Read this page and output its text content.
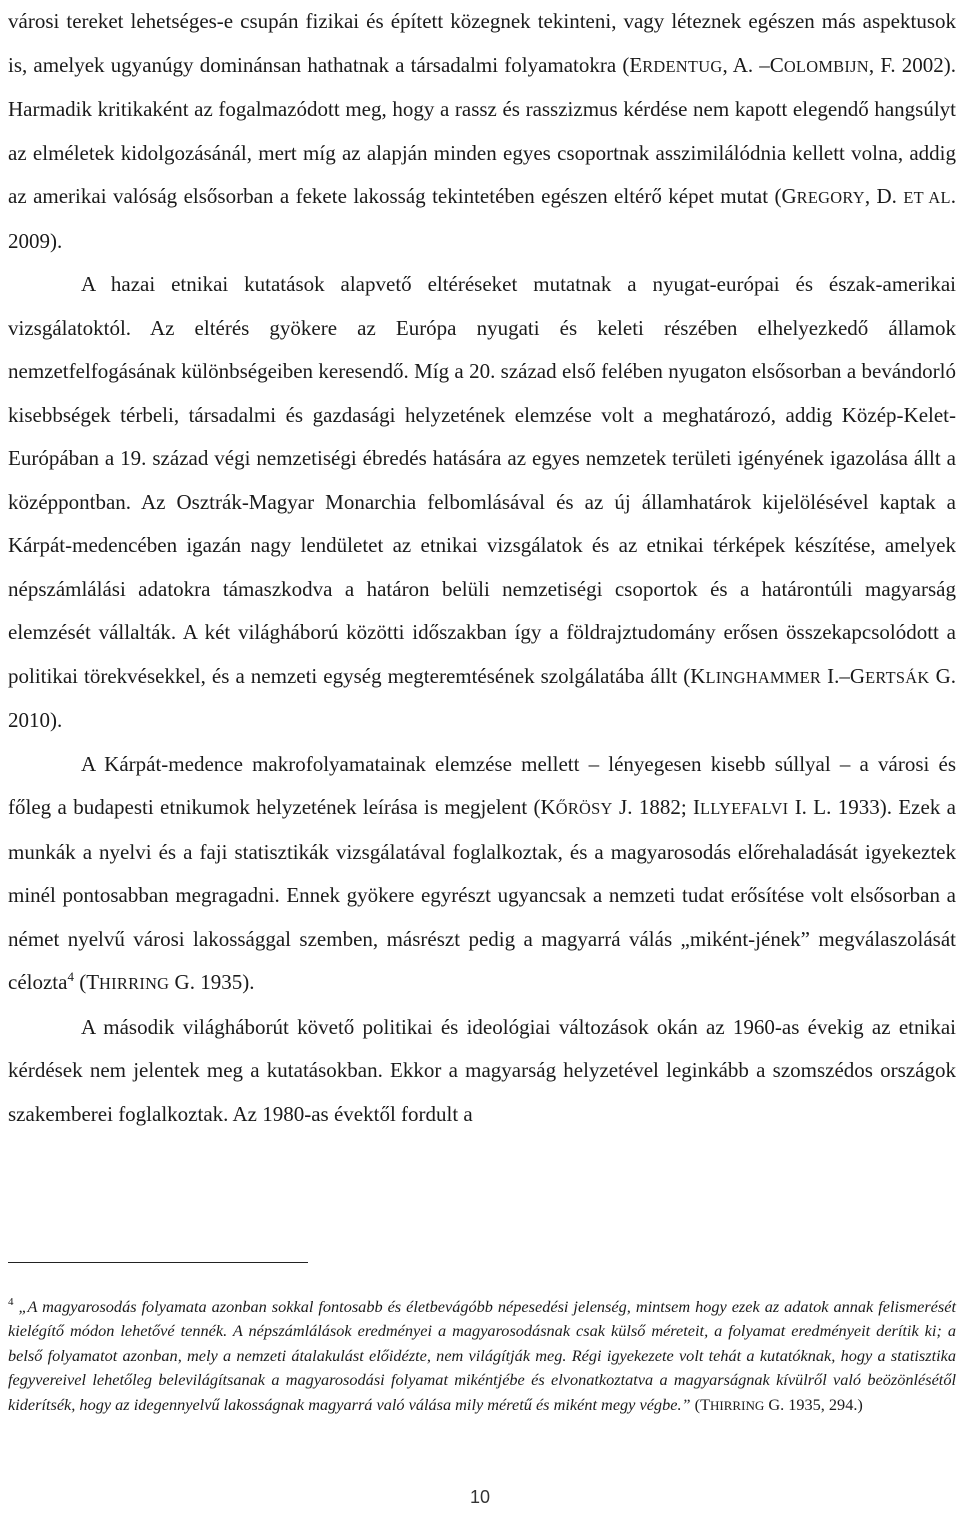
városi tereket lehetséges-e csupán fizikai és épített közegnek tekinteni, vagy léteznek egészen más aspektusok is, amelyek ugyanúgy dominánsan hathatnak a társadalmi folyamatokra (ERDENTUG, A. –COLOMBIJN, F. 2002). Harmadik kritikaként az fogalmazódott meg, hogy a rassz és rasszizmus kérdése nem kapott elegendő hangsúlyt az elméletek kidolgozásánál, mert míg az alapján minden egyes csoportnak asszimilálódnia kellett volna, addig az amerikai valóság elsősorban a fekete lakosság tekintetében egészen eltérő képet mutat (GREGORY, D. ET AL. 2009).

A hazai etnikai kutatások alapvető eltéréseket mutatnak a nyugat-európai és észak-amerikai vizsgálatoktól. Az eltérés gyökere az Európa nyugati és keleti részében elhelyezkedő államok nemzetfelfogásának különbségeiben keresendő. Míg a 20. század első felében nyugaton elsősorban a bevándorló kisebbségek térbeli, társadalmi és gazdasági helyzetének elemzése volt a meghatározó, addig Közép-Kelet-Európában a 19. század végi nemzetiségi ébredés hatására az egyes nemzetek területi igényének igazolása állt a középpontban. Az Osztrák-Magyar Monarchia felbomlásával és az új államhatárok kijelölésével kaptak a Kárpát-medencében igazán nagy lendületet az etnikai vizsgálatok és az etnikai térképek készítése, amelyek népszámlálási adatokra támaszkodva a határon belüli nemzetiségi csoportok és a határontúli magyarság elemzését vállalták. A két világháború közötti időszakban így a földrajztudomány erősen összekapcsolódott a politikai törekvésekkel, és a nemzeti egység megteremtésének szolgálatába állt (KLINGHAMMER I.–GERTSÁK G. 2010).

A Kárpát-medence makrofolyamatainak elemzése mellett – lényegesen kisebb súllyal – a városi és főleg a budapesti etnikumok helyzetének leírása is megjelent (KŐRÖSY J. 1882; ILLYEFALVI I. L. 1933). Ezek a munkák a nyelvi és a faji statisztikák vizsgálatával foglalkoztak, és a magyarosodás előrehaladását igyekeztek minél pontosabban megragadni. Ennek gyökere egyrészt ugyancsak a nemzeti tudat erősítése volt elsősorban a német nyelvű városi lakossággal szemben, másrészt pedig a magyarrá válás „miként-jének” megválaszolását célozta$^4$ (THIRRING G. 1935).

A második világháborút követő politikai és ideológiai változások okán az 1960-as évekig az etnikai kérdések nem jelentek meg a kutatásokban. Ekkor a magyarság helyzetével leginkább a szomszédos országok szakemberei foglalkoztak. Az 1980-as évektől fordult a

$^4$ „A magyarosodás folyamata azonban sokkal fontosabb és életbevágóbb népesedési jelenség, mintsem hogy ezek az adatok annak felismerését kielégítő módon lehetővé tennék. A népszámlálások eredményei a magyarosodásnak csak külső méreteit, a folyamat eredményeit derítik ki; a belső folyamatot azonban, mely a nemzeti átalakulást előidézte, nem világítják meg. Régi igyekezete volt tehát a kutatóknak, hogy a statisztika fegyvereivel lehetőleg belevilágítsanak a magyarosodási folyamat mikéntjébe és elvonatkoztatva a magyarságnak kívülről való beözönlésétől kiderítsék, hogy az idegennyelvű lakosságnak magyarrá való válása mily méretű és miként megy végbe.” (THIRRING G. 1935, 294.)

10
